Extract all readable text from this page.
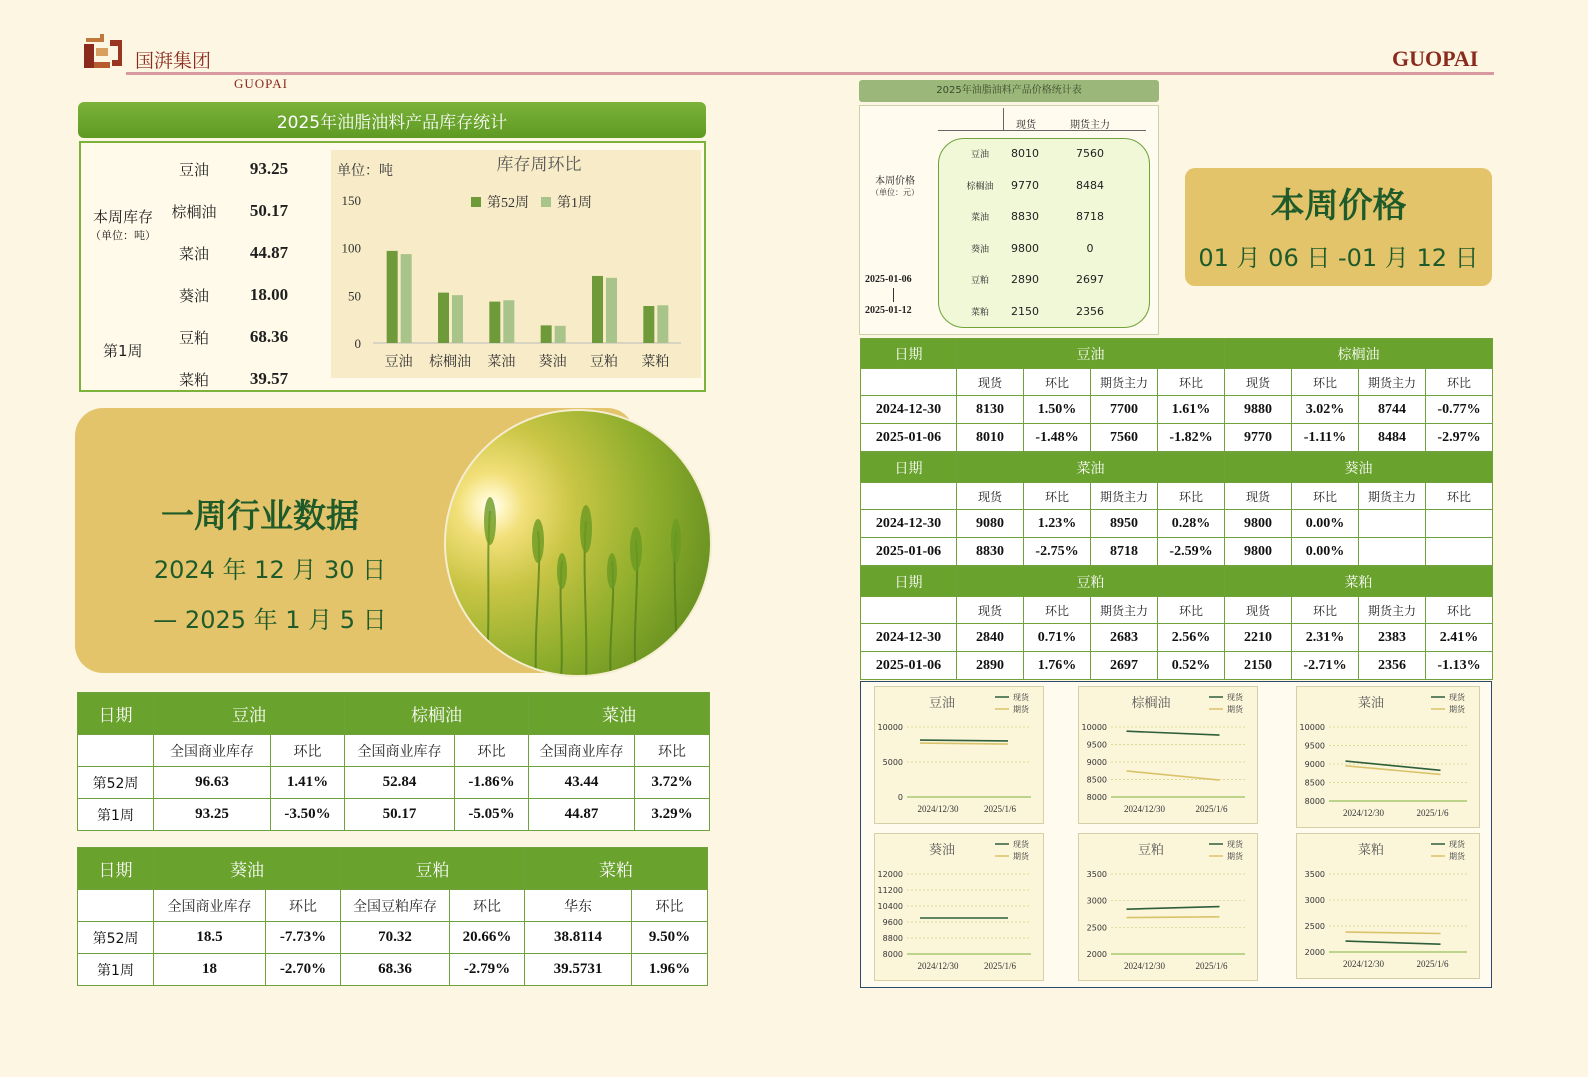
国湃集团
GUOPAI
GUOPAI
2025年油脂油料产品库存统计
本周库存
（单位：吨）
第1周
豆油	93.25
棕榈油	50.17
菜油	44.87
葵油	18.00
豆粕	68.36
菜粕	39.57
单位：吨	库存周环比
0
50
100
150	第52周 第1周
豆油 棕榈油 菜油 葵油 豆粕 菜粕
一周行业数据
2024 年 12 月 30 日
— 2025 年 1 月 5 日
日期	豆油		棕榈油		菜油	
	全国商业库存	环比	全国商业库存	环比	全国商业库存	环比
第52周	96.63	1.41%	52.84	-1.86%	43.44	3.72%
第1周	93.25	-3.50%	50.17	-5.05%	44.87	3.29%
日期	葵油		豆粕		菜粕	
	全国商业库存	环比	全国豆粕库存	环比	华东	环比
第52周	18.5	-7.73%	70.32	20.66%	38.8114	9.50%
第1周	18	-2.70%	68.36	-2.79%	39.5731	1.96%
2025年油脂油料产品价格统计表
现货	期货主力
本周价格
（单位：元）
2025-01-06
2025-01-12
豆油	8010	7560
棕榈油	9770	8484
菜油	8830	8718
葵油	9800	0
豆粕	2890	2697
菜粕	2150	2356
本周价格
01 月 06 日 -01 月 12 日
日期	豆油				棕榈油			
	现货	环比	期货主力	环比	现货	环比	期货主力	环比
2024-12-30	8130	1.50%	7700	1.61%	9880	3.02%	8744	-0.77%
2025-01-06	8010	-1.48%	7560	-1.82%	9770	-1.11%	8484	-2.97%
日期	菜油				葵油			
	现货	环比	期货主力	环比	现货	环比	期货主力	环比
2024-12-30	9080	1.23%	8950	0.28%	9800	0.00%		
2025-01-06	8830	-2.75%	8718	-2.59%	9800	0.00%		
日期	豆粕				菜粕			
	现货	环比	期货主力	环比	现货	环比	期货主力	环比
2024-12-30	2840	0.71%	2683	2.56%	2210	2.31%	2383	2.41%
2025-01-06	2890	1.76%	2697	0.52%	2150	-2.71%	2356	-1.13%
豆油	现货
期货
0
5000
10000
2024/12/30	2025/1/6
棕榈油	现货
期货
8000
8500
9000
9500
10000
2024/12/30	2025/1/6
菜油	现货
期货
8000
8500
9000
9500
10000
2024/12/30	2025/1/6
葵油	现货
期货
8000
8800
9600
10400
11200
12000
2024/12/30	2025/1/6
豆粕	现货
期货
2000
2500
3000
3500
2024/12/30	2025/1/6
菜粕	现货
期货
2000
2500
3000
3500
2024/12/30	2025/1/6
